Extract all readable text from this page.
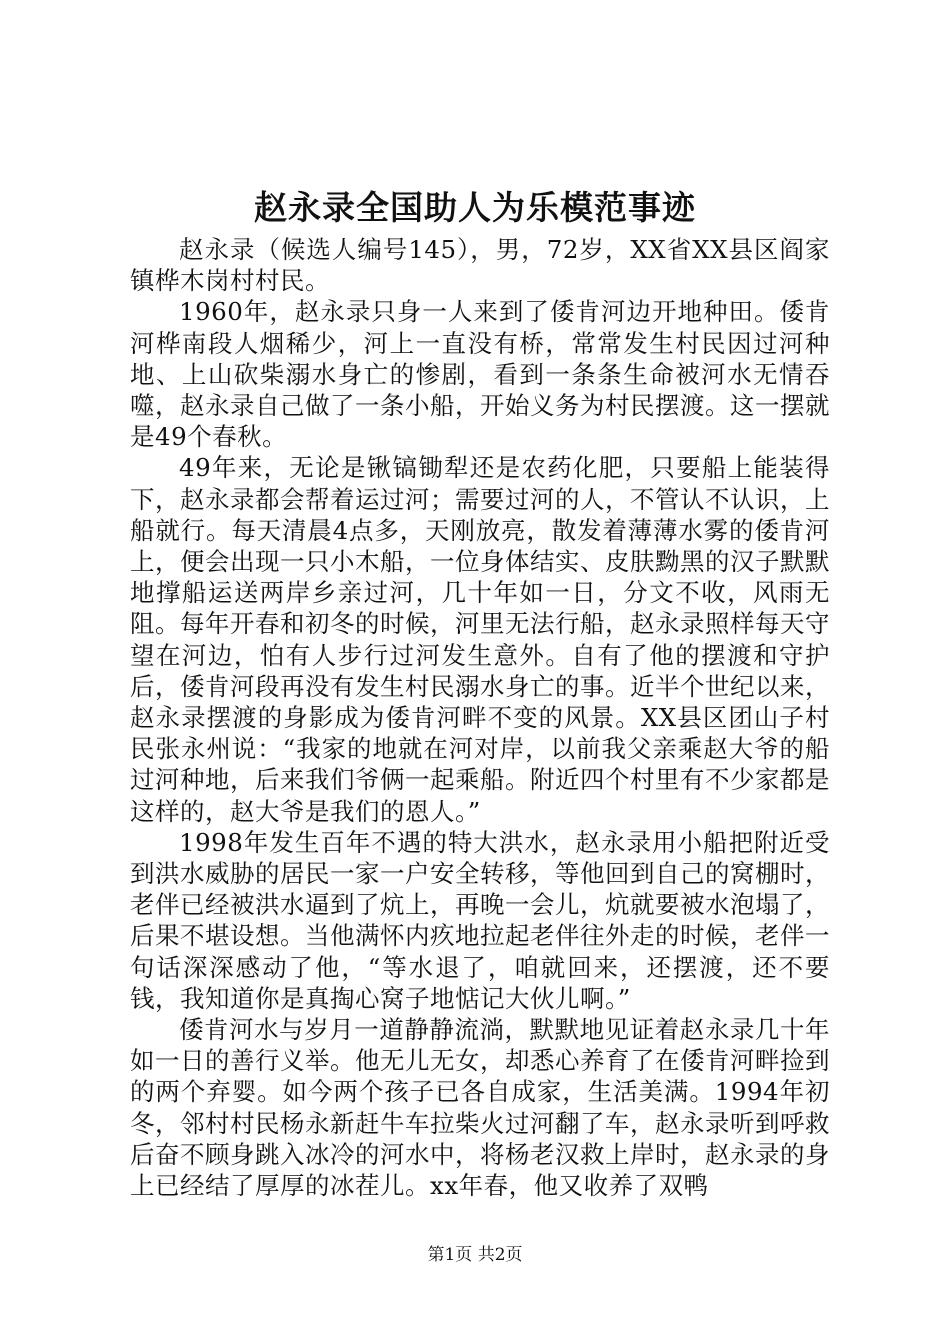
赵永录全国助人为乐模范事迹

赵永录（候选人编号145），男，72岁，XX省XX县区阎家镇桦木岗村村民。

1960年，赵永录只身一人来到了倭肯河边开地种田。倭肯河桦南段人烟稀少，河上一直没有桥，常常发生村民因过河种地、上山砍柴溺水身亡的惨剧，看到一条条生命被河水无情吞噬，赵永录自己做了一条小船，开始义务为村民摆渡。这一摆就是49个春秋。

49年来，无论是锹镐锄犁还是农药化肥，只要船上能装得下，赵永录都会帮着运过河；需要过河的人，不管认不认识，上船就行。每天清晨4点多，天刚放亮，散发着薄薄水雾的倭肯河上，便会出现一只小木船，一位身体结实、皮肤黝黑的汉子默默地撑船运送两岸乡亲过河，几十年如一日，分文不收，风雨无阻。每年开春和初冬的时候，河里无法行船，赵永录照样每天守望在河边，怕有人步行过河发生意外。自有了他的摆渡和守护后，倭肯河段再没有发生村民溺水身亡的事。近半个世纪以来，赵永录摆渡的身影成为倭肯河畔不变的风景。XX县区团山子村民张永州说：“我家的地就在河对岸，以前我父亲乘赵大爷的船过河种地，后来我们爷俩一起乘船。附近四个村里有不少家都是这样的，赵大爷是我们的恩人。”

1998年发生百年不遇的特大洪水，赵永录用小船把附近受到洪水威胁的居民一家一户安全转移，等他回到自己的窝棚时，老伴已经被洪水逼到了炕上，再晚一会儿，炕就要被水泡塌了，后果不堪设想。当他满怀内疚地拉起老伴往外走的时候，老伴一句话深深感动了他，“等水退了，咱就回来，还摆渡，还不要钱，我知道你是真掏心窝子地惦记大伙儿啊。”

倭肯河水与岁月一道静静流淌，默默地见证着赵永录几十年如一日的善行义举。他无儿无女，却悉心养育了在倭肯河畔捡到的两个弃婴。如今两个孩子已各自成家，生活美满。1994年初冬，邻村村民杨永新赶牛车拉柴火过河翻了车，赵永录听到呼救后奋不顾身跳入冰冷的河水中，将杨老汉救上岸时，赵永录的身上已经结了厚厚的冰茬儿。xx年春，他又收养了双鸭

第1页 共2页
